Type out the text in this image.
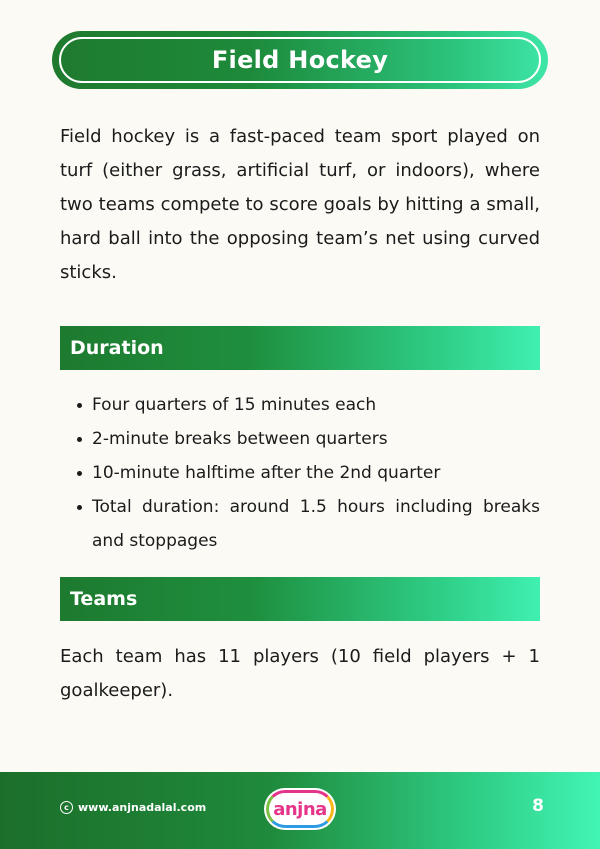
Field Hockey

Field hockey is a fast-paced team sport played on turf (either grass, artificial turf, or indoors), where two teams compete to score goals by hitting a small, hard ball into the opposing team’s net using curved sticks.

Duration
Four quarters of 15 minutes each
2-minute breaks between quarters
10-minute halftime after the 2nd quarter
Total duration: around 1.5 hours including breaks and stoppages
Teams

Each team has 11 players (10 field players + 1 goalkeeper).

c www.anjnadalal.com	anjna	8
